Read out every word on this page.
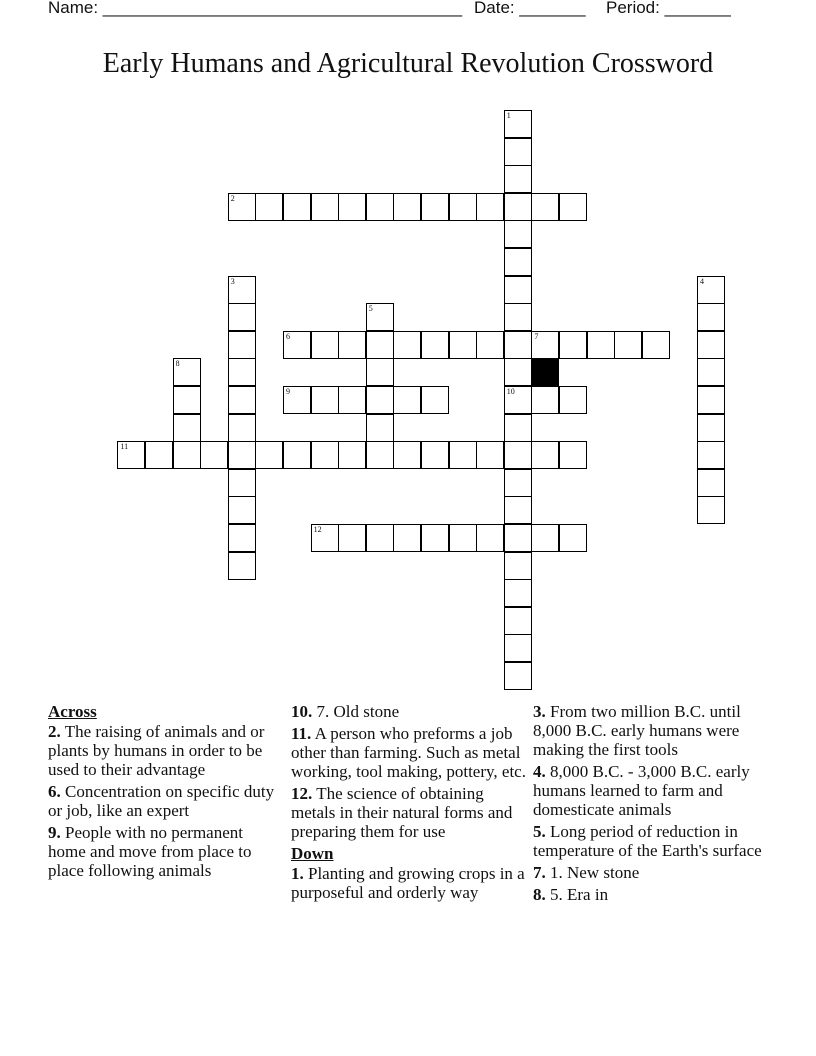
Name: ______________________________________ Date: _______ Period: _______
Early Humans and Agricultural Revolution Crossword
1
10
2
3	4
5
6	7
8
9
11
12
Across
2. The raising of animals and or plants by humans in order to be used to their advantage
6. Concentration on specific duty or job, like an expert
9. People with no permanent home and move from place to place following animals
10. 7. Old stone
11. A person who preforms a job other than farming. Such as metal working, tool making, pottery, etc.
12. The science of obtaining metals in their natural forms and preparing them for use
Down
1. Planting and growing crops in a purposeful and orderly way
3. From two million B.C. until 8,000 B.C. early humans were making the first tools
4. 8,000 B.C. - 3,000 B.C. early humans learned to farm and domesticate animals
5. Long period of reduction in temperature of the Earth's surface
7. 1. New stone
8. 5. Era in
